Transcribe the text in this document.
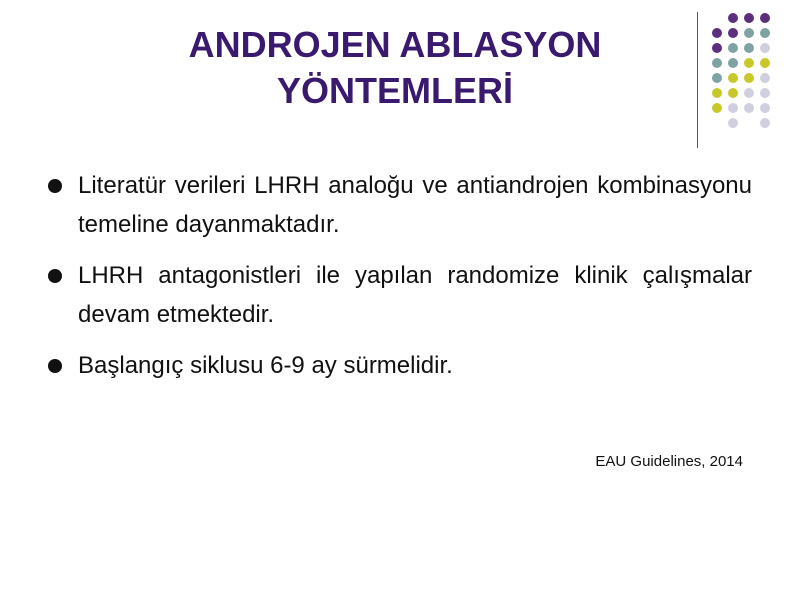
ANDROJEN ABLASYON
YÖNTEMLERİ
Literatür verileri LHRH analoğu ve antiandrojen kombinasyonu temeline dayanmaktadır.
LHRH antagonistleri ile yapılan randomize klinik çalışmalar devam etmektedir.
Başlangıç siklusu 6-9 ay sürmelidir.
EAU Guidelines, 2014
